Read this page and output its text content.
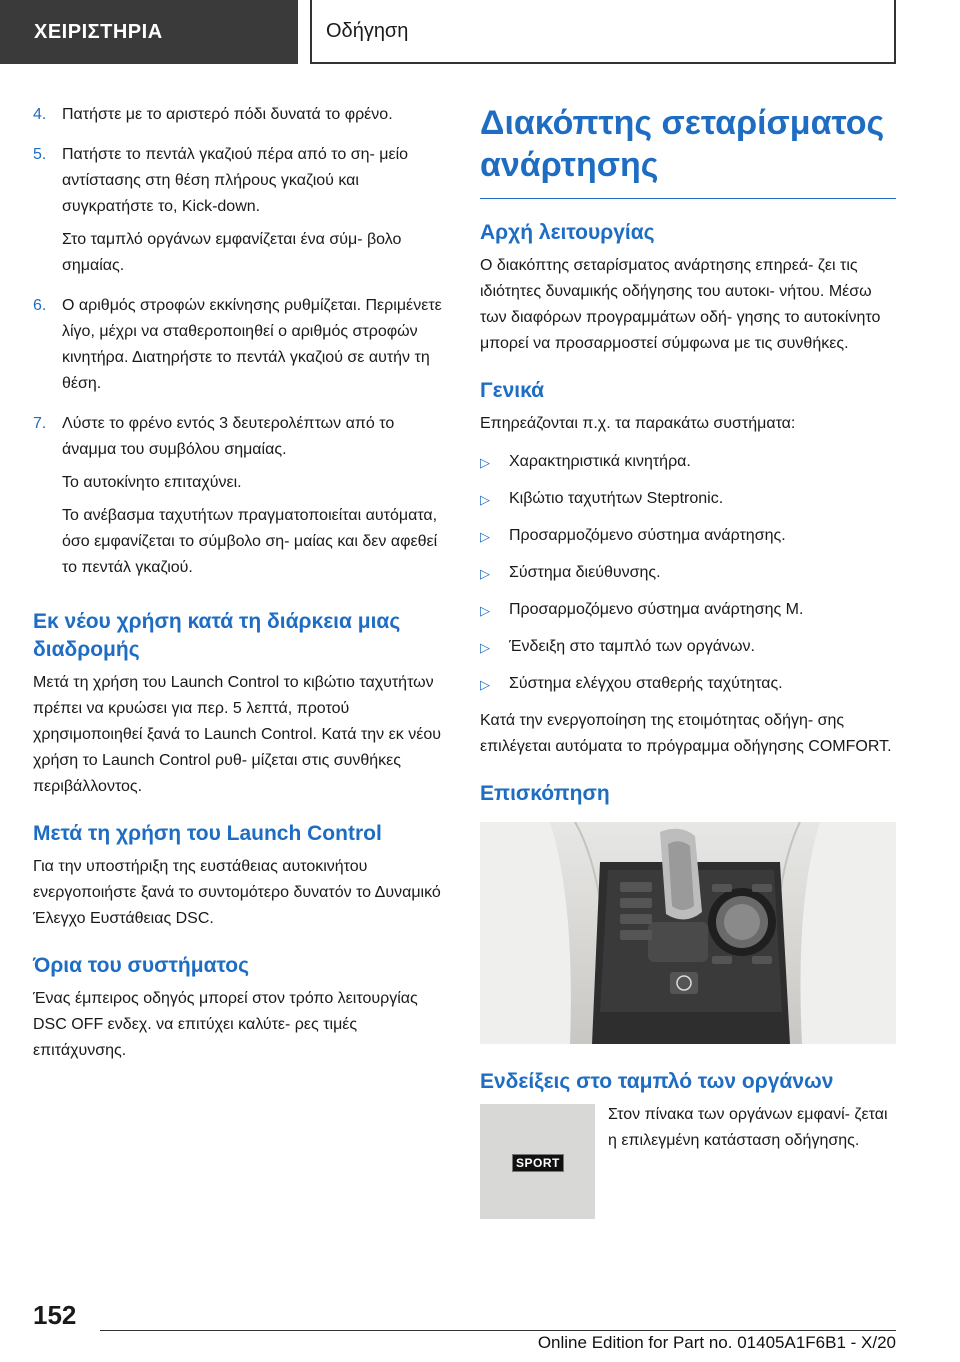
ΧΕΙΡΙΣΤΗΡΙΑ	Οδήγηση
4. Πατήστε με το αριστερό πόδι δυνατά το φρένο.

5. Πατήστε το πεντάλ γκαζιού πέρα από το ση- μείο αντίστασης στη θέση πλήρους γκαζιού και συγκρατήστε το, Kick-down.

Στο ταμπλό οργάνων εμφανίζεται ένα σύμ- βολο σημαίας.

6. Ο αριθμός στροφών εκκίνησης ρυθμίζεται. Περιμένετε λίγο, μέχρι να σταθεροποιηθεί ο αριθμός στροφών κινητήρα. Διατηρήστε το πεντάλ γκαζιού σε αυτήν τη θέση.

7. Λύστε το φρένο εντός 3 δευτερολέπτων από το άναμμα του συμβόλου σημαίας.

Το αυτοκίνητο επιταχύνει.

Το ανέβασμα ταχυτήτων πραγματοποιείται αυτόματα, όσο εμφανίζεται το σύμβολο ση- μαίας και δεν αφεθεί το πεντάλ γκαζιού.

Εκ νέου χρήση κατά τη διάρκεια μιας διαδρομής

Μετά τη χρήση του Launch Control το κιβώτιο ταχυτήτων πρέπει να κρυώσει για περ. 5 λεπτά, προτού χρησιμοποιηθεί ξανά το Launch Control. Κατά την εκ νέου χρήση το Launch Control ρυθ- μίζεται στις συνθήκες περιβάλλοντος.

Μετά τη χρήση του Launch Control

Για την υποστήριξη της ευστάθειας αυτοκινήτου ενεργοποιήστε ξανά το συντομότερο δυνατόν το Δυναμικό Έλεγχο Ευστάθειας DSC.

Όρια του συστήματος

Ένας έμπειρος οδηγός μπορεί στον τρόπο λειτουργίας DSC OFF ενδεχ. να επιτύχει καλύτε- ρες τιμές επιτάχυνσης.

Διακόπτης σεταρίσματος ανάρτησης
Αρχή λειτουργίας

Ο διακόπτης σεταρίσματος ανάρτησης επηρεά- ζει τις ιδιότητες δυναμικής οδήγησης του αυτοκι- νήτου. Μέσω των διαφόρων προγραμμάτων οδή- γησης το αυτοκίνητο μπορεί να προσαρμοστεί σύμφωνα με τις συνθήκες.

Γενικά

Επηρεάζονται π.χ. τα παρακάτω συστήματα:

▷	Χαρακτηριστικά κινητήρα.
▷	Κιβώτιο ταχυτήτων Steptronic.
▷	Προσαρμοζόμενο σύστημα ανάρτησης.
▷	Σύστημα διεύθυνσης.
▷	Προσαρμοζόμενο σύστημα ανάρτησης M.
▷	Ένδειξη στο ταμπλό των οργάνων.
▷	Σύστημα ελέγχου σταθερής ταχύτητας.

Κατά την ενεργοποίηση της ετοιμότητας οδήγη- σης επιλέγεται αυτόματα το πρόγραμμα οδήγησης COMFORT.

Επισκόπηση
Ενδείξεις στο ταμπλό των οργάνων
SPORT
Στον πίνακα των οργάνων εμφανί- ζεται η επιλεγμένη κατάσταση οδήγησης.
152
Online Edition for Part no. 01405A1F6B1 - X/20
